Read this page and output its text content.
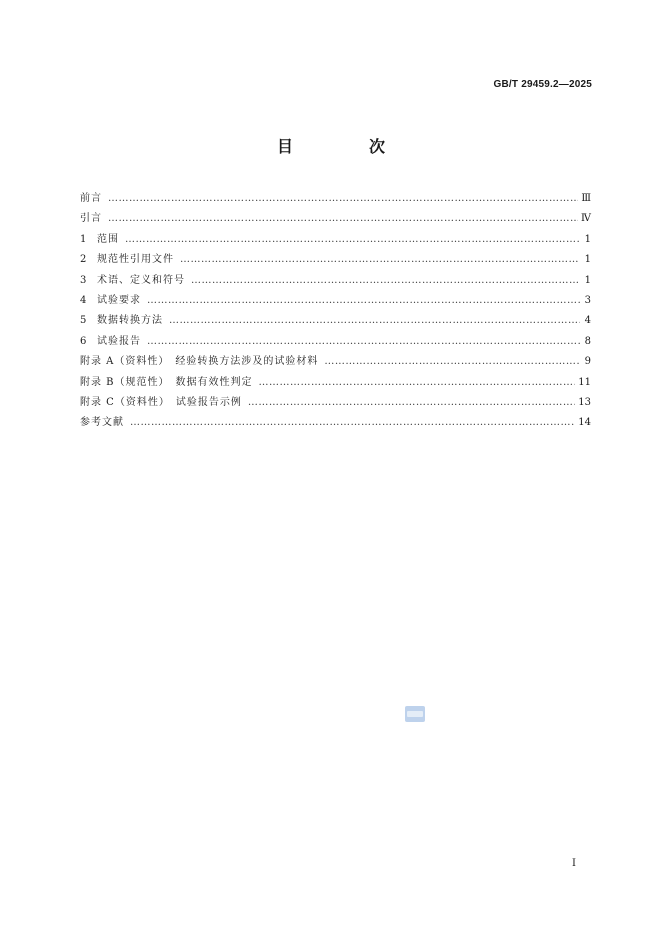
GB/T 29459.2—2025
目　次
前言 …………………………………………………………………………………………………………………………………………………………………………………………………	Ⅲ
引言 …………………………………………………………………………………………………………………………………………………………………………………………………	Ⅳ
1	范围 …………………………………………………………………………………………………………………………………………………………………………………………………	1
2	规范性引用文件 …………………………………………………………………………………………………………………………………………………………………………………………………	1
3	术语、定义和符号 …………………………………………………………………………………………………………………………………………………………………………………………………	1
4	试验要求 …………………………………………………………………………………………………………………………………………………………………………………………………	3
5	数据转换方法 …………………………………………………………………………………………………………………………………………………………………………………………………	4
6	试验报告 …………………………………………………………………………………………………………………………………………………………………………………………………	8
附录 A（资料性）　经验转换方法涉及的试验材料 …………………………………………………………………………………………………………………………………………………………………………………………………	9
附录 B（规范性）　数据有效性判定 …………………………………………………………………………………………………………………………………………………………………………………………………	11
附录 C（资料性）　试验报告示例 …………………………………………………………………………………………………………………………………………………………………………………………………	13
参考文献 …………………………………………………………………………………………………………………………………………………………………………………………………	14
I
